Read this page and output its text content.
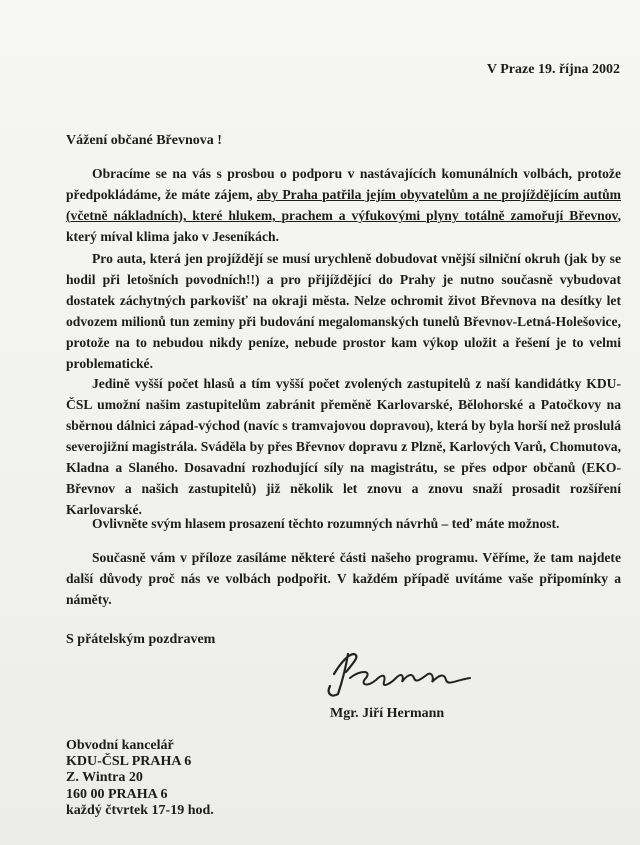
V Praze 19. října 2002
Vážení občané Břevnova !
Obracíme se na vás s prosbou o podporu v nastávajících komunálních volbách, protože předpokládáme, že máte zájem, aby Praha patřila jejím obyvatelům a ne projíždějícím autům (včetně nákladních), které hlukem, prachem a výfukovými plyny totálně zamořují Břevnov, který míval klima jako v Jeseníkách.
Pro auta, která jen projíždějí se musí urychleně dobudovat vnější silniční okruh (jak by se hodil při letošních povodních!!) a pro přijíždějící do Prahy je nutno současně vybudovat dostatek záchytných parkovišť na okraji města. Nelze ochromit život Břevnova na desítky let odvozem milionů tun zeminy při budování megalomanských tunelů Břevnov-Letná-Holešovice, protože na to nebudou nikdy peníze, nebude prostor kam výkop uložit a řešení je to velmi problematické.
Jedině vyšší počet hlasů a tím vyšší počet zvolených zastupitelů z naší kandidátky KDU-ČSL umožní našim zastupitelům zabránit přeměně Karlovarské, Bělohorské a Patočkovy na sběrnou dálnici západ-východ (navíc s tramvajovou dopravou), která by byla horší než proslulá severojižní magistrála. Sváděla by přes Břevnov dopravu z Plzně, Karlových Varů, Chomutova, Kladna a Slaného. Dosavadní rozhodující síly na magistrátu, se přes odpor občanů (EKO-Břevnov a našich zastupitelů) již několik let znovu a znovu snaží prosadit rozšíření Karlovarské.
Ovlivněte svým hlasem prosazení těchto rozumných návrhů – teď máte možnost.
Současně vám v příloze zasíláme některé části našeho programu. Věříme, že tam najdete další důvody proč nás ve volbách podpořit. V každém případě uvítáme vaše připomínky a náměty.
S přátelským pozdravem
Mgr. Jiří Hermann
Obvodní kancelář
KDU-ČSL PRAHA 6
Z. Wintra 20
160 00 PRAHA 6
každý čtvrtek 17-19 hod.
